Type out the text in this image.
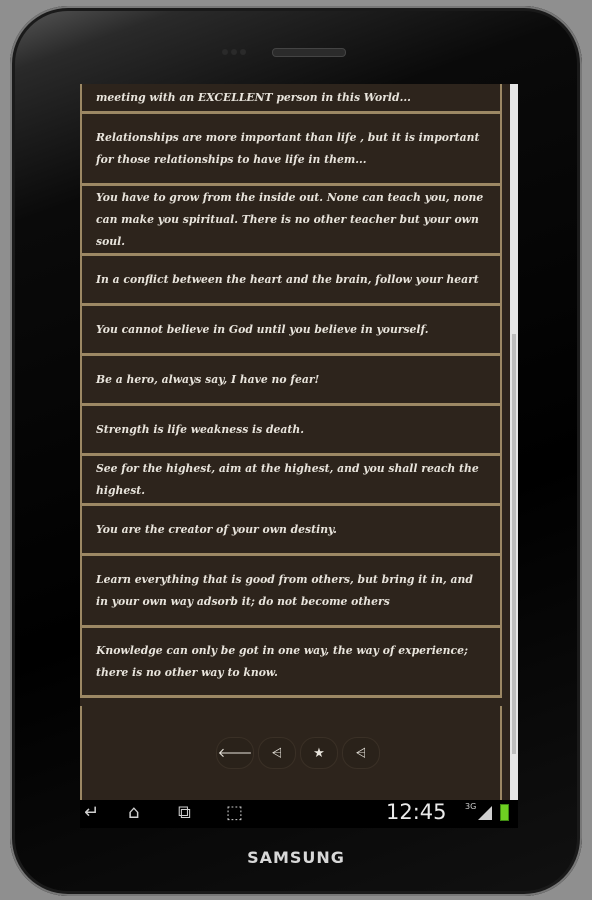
meeting with an EXCELLENT person in this World...
Relationships are more important than life , but it is important for those relationships to have life in them...
You have to grow from the inside out. None can teach you, none can make you spiritual. There is no other teacher but your own soul.
In a conflict between the heart and the brain, follow your heart
You cannot believe in God until you believe in yourself.
Be a hero, always say, I have no fear!
Strength is life weakness is death.
See for the highest, aim at the highest, and you shall reach the highest.
You are the creator of your own destiny.
Learn everything that is good from others, but bring it in, and in your own way adsorb it; do not become others
Knowledge can only be got in one way, the way of experience; there is no other way to know.
🡐 ⩤ ★ ⩤
↵ ⌂ ⧉ ⬚	12:45 3G
SAMSUNG
